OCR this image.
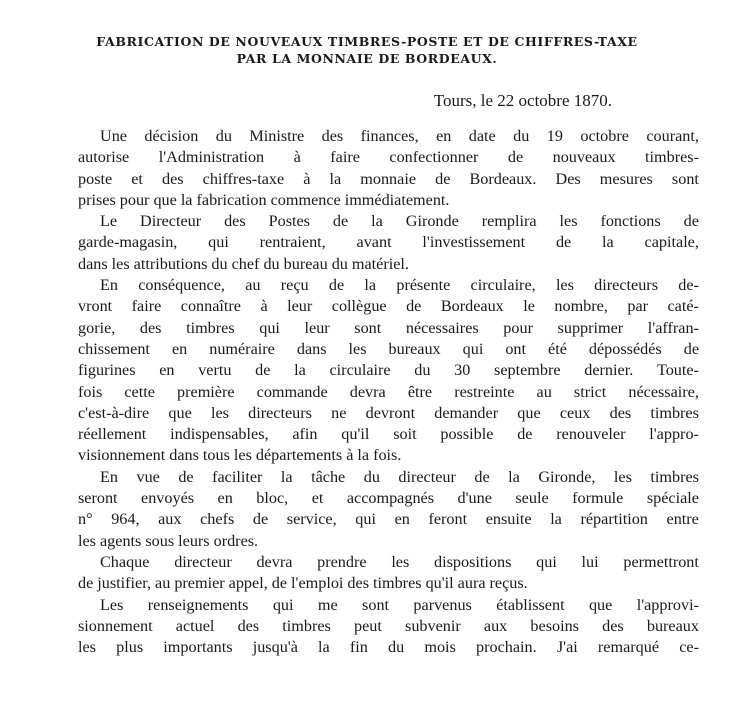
FABRICATION DE NOUVEAUX TIMBRES-POSTE ET DE CHIFFRES-TAXE
PAR LA MONNAIE DE BORDEAUX.
Tours, le 22 octobre 1870.
Une décision du Ministre des finances, en date du 19 octobre courant,
autorise l'Administration à faire confectionner de nouveaux timbres-
poste et des chiffres-taxe à la monnaie de Bordeaux. Des mesures sont
prises pour que la fabrication commence immédiatement.
Le Directeur des Postes de la Gironde remplira les fonctions de
garde-magasin, qui rentraient, avant l'investissement de la capitale,
dans les attributions du chef du bureau du matériel.
En conséquence, au reçu de la présente circulaire, les directeurs de-
vront faire connaître à leur collègue de Bordeaux le nombre, par caté-
gorie, des timbres qui leur sont nécessaires pour supprimer l'affran-
chissement en numéraire dans les bureaux qui ont été dépossédés de
figurines en vertu de la circulaire du 30 septembre dernier. Toute-
fois cette première commande devra être restreinte au strict nécessaire,
c'est-à-dire que les directeurs ne devront demander que ceux des timbres
réellement indispensables, afin qu'il soit possible de renouveler l'appro-
visionnement dans tous les départements à la fois.
En vue de faciliter la tâche du directeur de la Gironde, les timbres
seront envoyés en bloc, et accompagnés d'une seule formule spéciale
n° 964, aux chefs de service, qui en feront ensuite la répartition entre
les agents sous leurs ordres.
Chaque directeur devra prendre les dispositions qui lui permettront
de justifier, au premier appel, de l'emploi des timbres qu'il aura reçus.
Les renseignements qui me sont parvenus établissent que l'approvi-
sionnement actuel des timbres peut subvenir aux besoins des bureaux
les plus importants jusqu'à la fin du mois prochain. J'ai remarqué ce-
